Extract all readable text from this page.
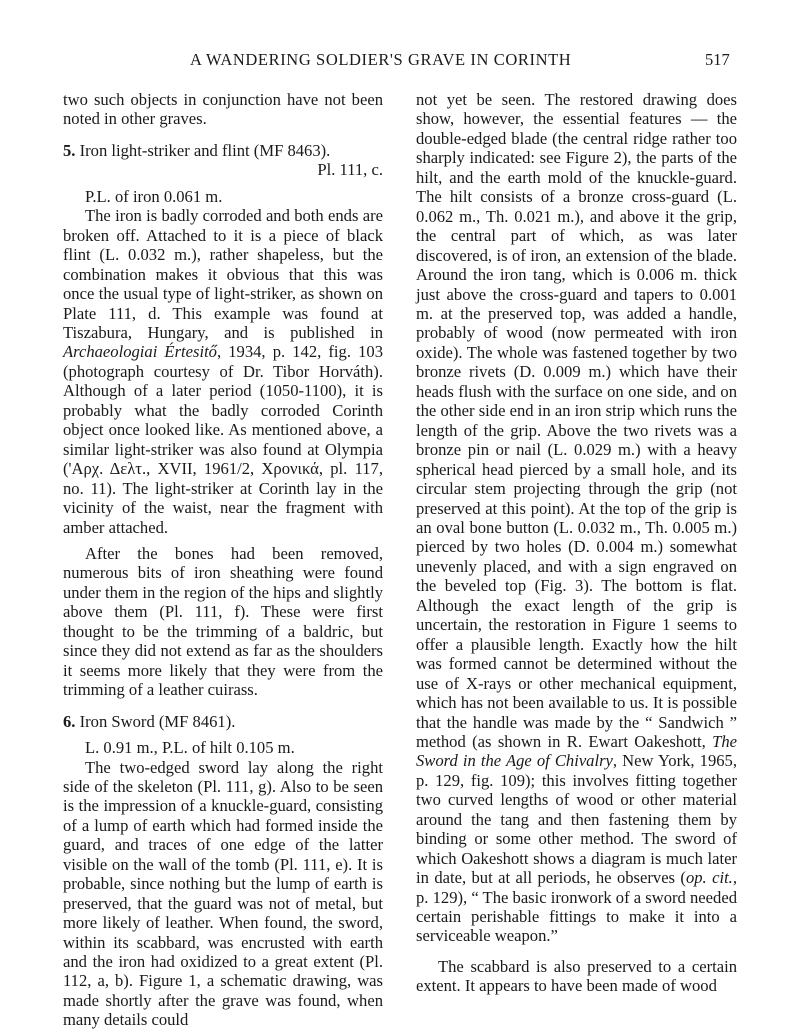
A WANDERING SOLDIER'S GRAVE IN CORINTH	517

two such objects in conjunction have not been noted in other graves.

5. Iron light-striker and flint (MF 8463).

Pl. 111, c.

P.L. of iron 0.061 m.

The iron is badly corroded and both ends are broken off. Attached to it is a piece of black flint (L. 0.032 m.), rather shapeless, but the combination makes it obvious that this was once the usual type of light-striker, as shown on Plate 111, d. This example was found at Tiszabura, Hungary, and is published in Archaeologiai Értesitő, 1934, p. 142, fig. 103 (photograph courtesy of Dr. Tibor Horváth). Although of a later period (1050-1100), it is probably what the badly corroded Corinth object once looked like. As mentioned above, a similar light-striker was also found at Olympia ('Αρχ. Δελτ., XVII, 1961/2, Χρονικά, pl. 117, no. 11). The light-striker at Corinth lay in the vicinity of the waist, near the fragment with amber attached.

After the bones had been removed, numerous bits of iron sheathing were found under them in the region of the hips and slightly above them (Pl. 111, f). These were first thought to be the trimming of a baldric, but since they did not extend as far as the shoulders it seems more likely that they were from the trimming of a leather cuirass.

6. Iron Sword (MF 8461).

L. 0.91 m., P.L. of hilt 0.105 m.

The two-edged sword lay along the right side of the skeleton (Pl. 111, g). Also to be seen is the impression of a knuckle-guard, consisting of a lump of earth which had formed inside the guard, and traces of one edge of the latter visible on the wall of the tomb (Pl. 111, e). It is probable, since nothing but the lump of earth is preserved, that the guard was not of metal, but more likely of leather. When found, the sword, within its scabbard, was encrusted with earth and the iron had oxidized to a great extent (Pl. 112, a, b). Figure 1, a schematic drawing, was made shortly after the grave was found, when many details could

not yet be seen. The restored drawing does show, however, the essential features — the double-edged blade (the central ridge rather too sharply indicated: see Figure 2), the parts of the hilt, and the earth mold of the knuckle-guard. The hilt consists of a bronze cross-guard (L. 0.062 m., Th. 0.021 m.), and above it the grip, the central part of which, as was later discovered, is of iron, an extension of the blade. Around the iron tang, which is 0.006 m. thick just above the cross-guard and tapers to 0.001 m. at the preserved top, was added a handle, probably of wood (now permeated with iron oxide). The whole was fastened together by two bronze rivets (D. 0.009 m.) which have their heads flush with the surface on one side, and on the other side end in an iron strip which runs the length of the grip. Above the two rivets was a bronze pin or nail (L. 0.029 m.) with a heavy spherical head pierced by a small hole, and its circular stem projecting through the grip (not preserved at this point). At the top of the grip is an oval bone button (L. 0.032 m., Th. 0.005 m.) pierced by two holes (D. 0.004 m.) somewhat unevenly placed, and with a sign engraved on the beveled top (Fig. 3). The bottom is flat. Although the exact length of the grip is uncertain, the restoration in Figure 1 seems to offer a plausible length. Exactly how the hilt was formed cannot be determined without the use of X-rays or other mechanical equipment, which has not been available to us. It is possible that the handle was made by the “ Sandwich ” method (as shown in R. Ewart Oakeshott, The Sword in the Age of Chivalry, New York, 1965, p. 129, fig. 109); this involves fitting together two curved lengths of wood or other material around the tang and then fastening them by binding or some other method. The sword of which Oakeshott shows a diagram is much later in date, but at all periods, he observes (op. cit., p. 129), “ The basic ironwork of a sword needed certain perishable fittings to make it into a serviceable weapon.”

The scabbard is also preserved to a certain extent. It appears to have been made of wood
